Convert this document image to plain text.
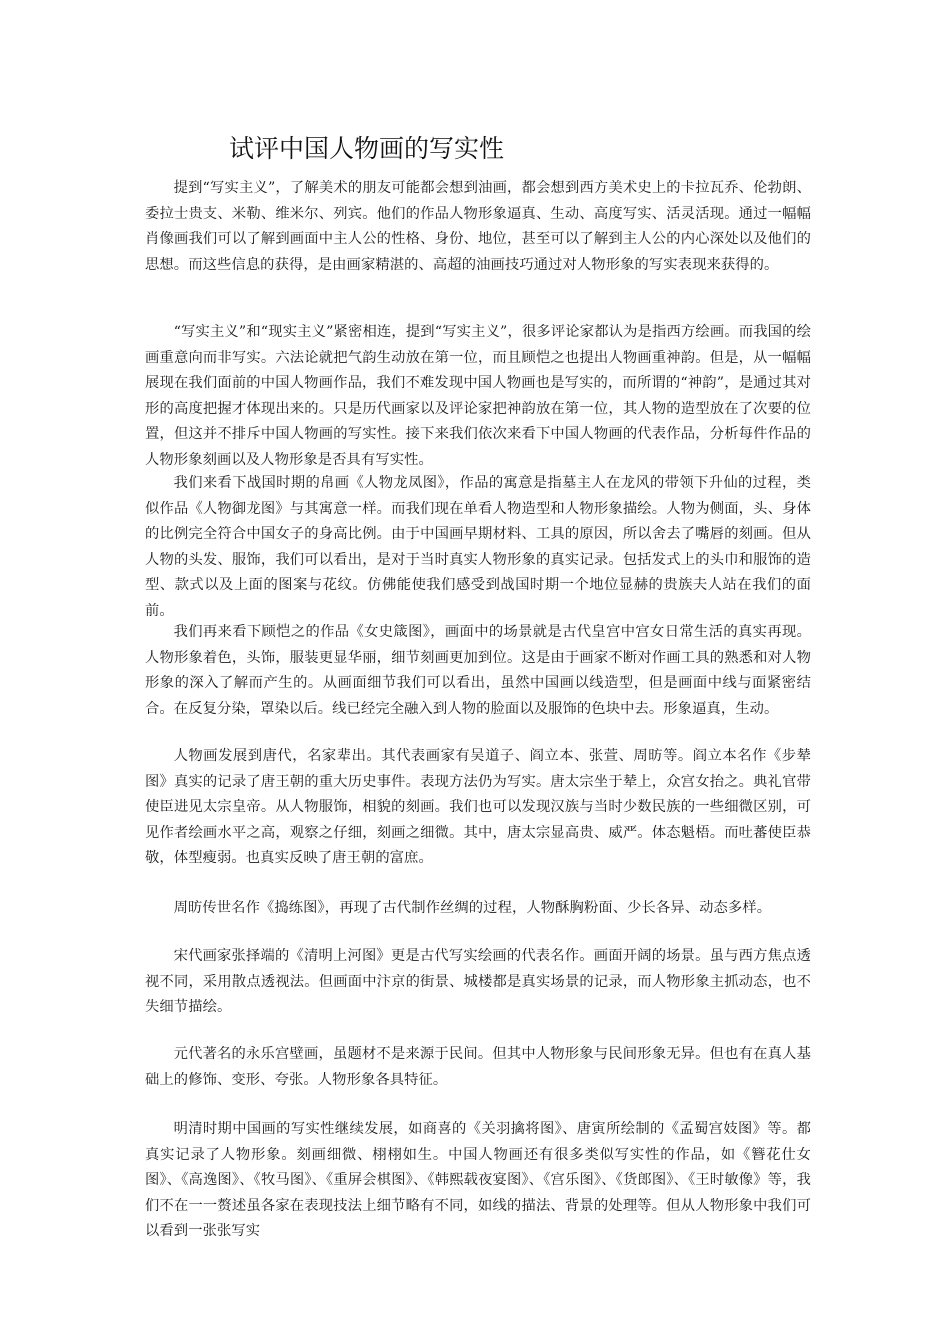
试评中国人物画的写实性

提到“写实主义”，了解美术的朋友可能都会想到油画，都会想到西方美术史上的卡拉瓦乔、伦勃朗、委拉士贵支、米勒、维米尔、列宾。他们的作品人物形象逼真、生动、高度写实、活灵活现。通过一幅幅肖像画我们可以了解到画面中主人公的性格、身份、地位，甚至可以了解到主人公的内心深处以及他们的思想。而这些信息的获得，是由画家精湛的、高超的油画技巧通过对人物形象的写实表现来获得的。

“写实主义”和“现实主义”紧密相连，提到“写实主义”，很多评论家都认为是指西方绘画。而我国的绘画重意向而非写实。六法论就把气韵生动放在第一位，而且顾恺之也提出人物画重神韵。但是，从一幅幅展现在我们面前的中国人物画作品，我们不难发现中国人物画也是写实的，而所谓的“神韵”，是通过其对形的高度把握才体现出来的。只是历代画家以及评论家把神韵放在第一位，其人物的造型放在了次要的位置，但这并不排斥中国人物画的写实性。接下来我们依次来看下中国人物画的代表作品，分析每件作品的人物形象刻画以及人物形象是否具有写实性。

我们来看下战国时期的帛画《人物龙凤图》，作品的寓意是指墓主人在龙风的带领下升仙的过程，类似作品《人物御龙图》与其寓意一样。而我们现在单看人物造型和人物形象描绘。人物为侧面，头、身体的比例完全符合中国女子的身高比例。由于中国画早期材料、工具的原因，所以舍去了嘴唇的刻画。但从人物的头发、服饰，我们可以看出，是对于当时真实人物形象的真实记录。包括发式上的头巾和服饰的造型、款式以及上面的图案与花纹。仿佛能使我们感受到战国时期一个地位显赫的贵族夫人站在我们的面前。

我们再来看下顾恺之的作品《女史箴图》，画面中的场景就是古代皇宫中宫女日常生活的真实再现。人物形象着色，头饰，服装更显华丽，细节刻画更加到位。这是由于画家不断对作画工具的熟悉和对人物形象的深入了解而产生的。从画面细节我们可以看出，虽然中国画以线造型，但是画面中线与面紧密结合。在反复分染，罩染以后。线已经完全融入到人物的脸面以及服饰的色块中去。形象逼真，生动。

人物画发展到唐代，名家辈出。其代表画家有吴道子、阎立本、张萱、周昉等。阎立本名作《步辇图》真实的记录了唐王朝的重大历史事件。表现方法仍为写实。唐太宗坐于辇上，众宫女抬之。典礼官带使臣进见太宗皇帝。从人物服饰，相貌的刻画。我们也可以发现汉族与当时少数民族的一些细微区别，可见作者绘画水平之高，观察之仔细，刻画之细微。其中，唐太宗显高贵、威严。体态魁梧。而吐蕃使臣恭敬，体型瘦弱。也真实反映了唐王朝的富庶。

周昉传世名作《捣练图》，再现了古代制作丝绸的过程，人物酥胸粉面、少长各异、动态多样。

宋代画家张择端的《清明上河图》更是古代写实绘画的代表名作。画面开阔的场景。虽与西方焦点透视不同，采用散点透视法。但画面中汴京的街景、城楼都是真实场景的记录，而人物形象主抓动态，也不失细节描绘。

元代著名的永乐宫壁画，虽题材不是来源于民间。但其中人物形象与民间形象无异。但也有在真人基础上的修饰、变形、夸张。人物形象各具特征。

明清时期中国画的写实性继续发展，如商喜的《关羽擒将图》、唐寅所绘制的《孟蜀宫妓图》等。都真实记录了人物形象。刻画细微、栩栩如生。中国人物画还有很多类似写实性的作品，如《簪花仕女图》、《高逸图》、《牧马图》、《重屏会棋图》、《韩熙载夜宴图》、《宫乐图》、《货郎图》、《王时敏像》等，我们不在一一赘述虽各家在表现技法上细节略有不同，如线的描法、背景的处理等。但从人物形象中我们可以看到一张张写实
